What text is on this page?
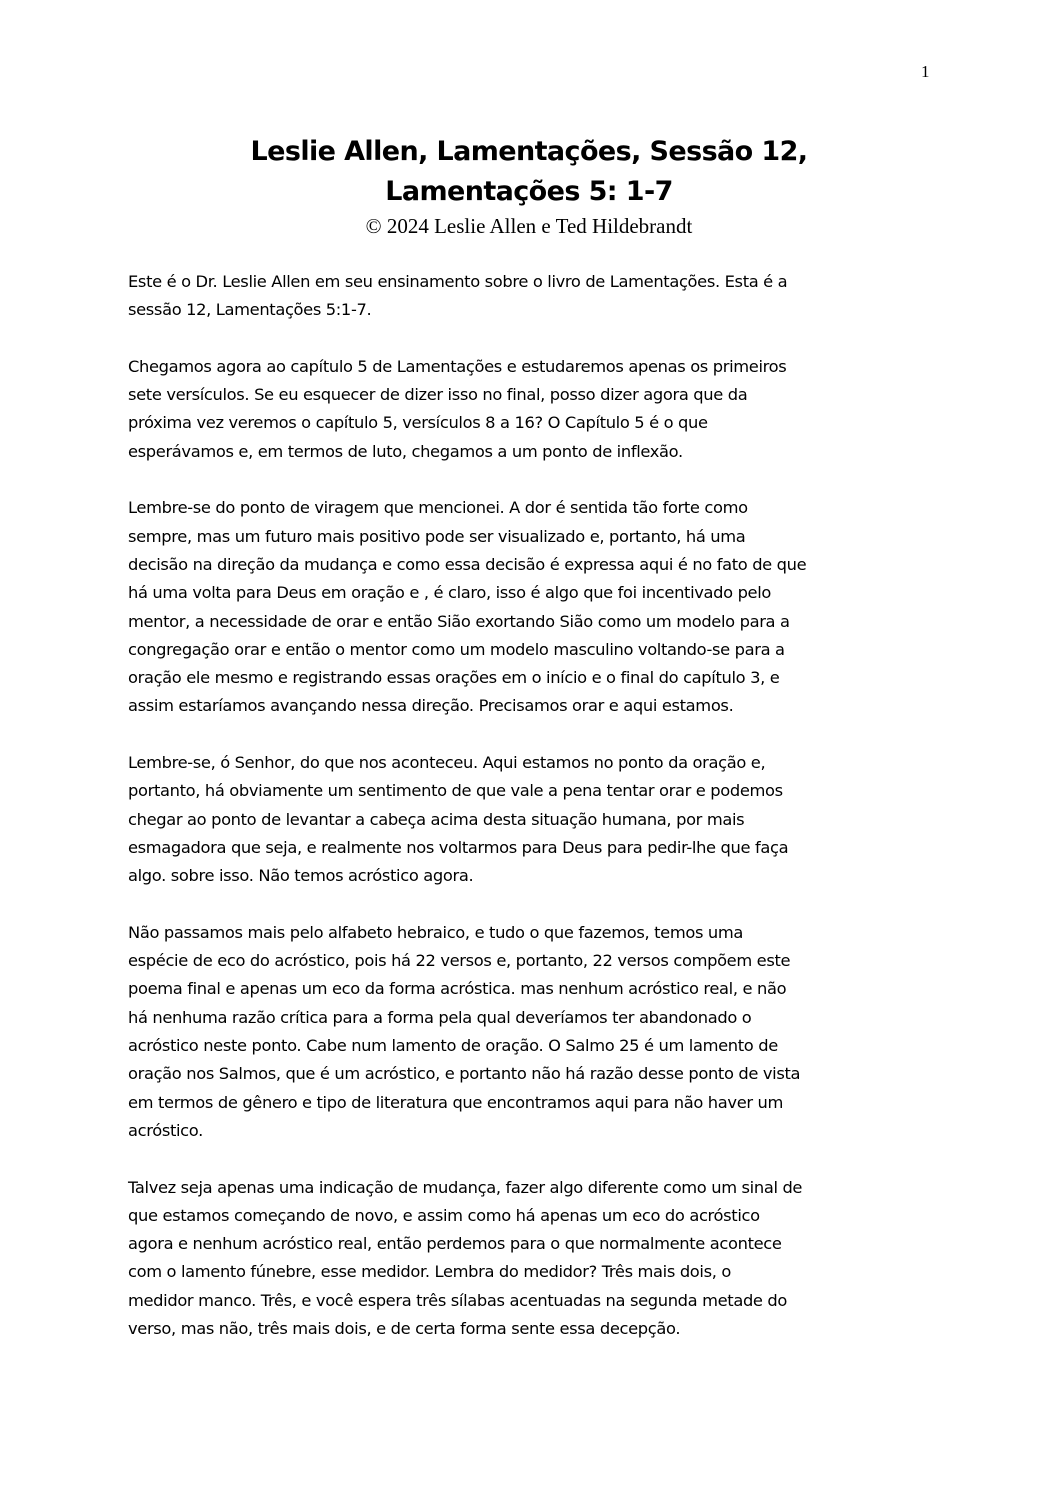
1
Leslie Allen, Lamentações, Sessão 12,
Lamentações 5: 1-7
© 2024 Leslie Allen e Ted Hildebrandt
Este é o Dr. Leslie Allen em seu ensinamento sobre o livro de Lamentações. Esta é a
sessão 12, Lamentações 5:1-7.
Chegamos agora ao capítulo 5 de Lamentações e estudaremos apenas os primeiros
sete versículos. Se eu esquecer de dizer isso no final, posso dizer agora que da
próxima vez veremos o capítulo 5, versículos 8 a 16? O Capítulo 5 é o que
esperávamos e, em termos de luto, chegamos a um ponto de inflexão.
Lembre-se do ponto de viragem que mencionei. A dor é sentida tão forte como
sempre, mas um futuro mais positivo pode ser visualizado e, portanto, há uma
decisão na direção da mudança e como essa decisão é expressa aqui é no fato de que
há uma volta para Deus em oração e , é claro, isso é algo que foi incentivado pelo
mentor, a necessidade de orar e então Sião exortando Sião como um modelo para a
congregação orar e então o mentor como um modelo masculino voltando-se para a
oração ele mesmo e registrando essas orações em o início e o final do capítulo 3, e
assim estaríamos avançando nessa direção. Precisamos orar e aqui estamos.
Lembre-se, ó Senhor, do que nos aconteceu. Aqui estamos no ponto da oração e,
portanto, há obviamente um sentimento de que vale a pena tentar orar e podemos
chegar ao ponto de levantar a cabeça acima desta situação humana, por mais
esmagadora que seja, e realmente nos voltarmos para Deus para pedir-lhe que faça
algo. sobre isso. Não temos acróstico agora.
Não passamos mais pelo alfabeto hebraico, e tudo o que fazemos, temos uma
espécie de eco do acróstico, pois há 22 versos e, portanto, 22 versos compõem este
poema final e apenas um eco da forma acróstica. mas nenhum acróstico real, e não
há nenhuma razão crítica para a forma pela qual deveríamos ter abandonado o
acróstico neste ponto. Cabe num lamento de oração. O Salmo 25 é um lamento de
oração nos Salmos, que é um acróstico, e portanto não há razão desse ponto de vista
em termos de gênero e tipo de literatura que encontramos aqui para não haver um
acróstico.
Talvez seja apenas uma indicação de mudança, fazer algo diferente como um sinal de
que estamos começando de novo, e assim como há apenas um eco do acróstico
agora e nenhum acróstico real, então perdemos para o que normalmente acontece
com o lamento fúnebre, esse medidor. Lembra do medidor? Três mais dois, o
medidor manco. Três, e você espera três sílabas acentuadas na segunda metade do
verso, mas não, três mais dois, e de certa forma sente essa decepção.
